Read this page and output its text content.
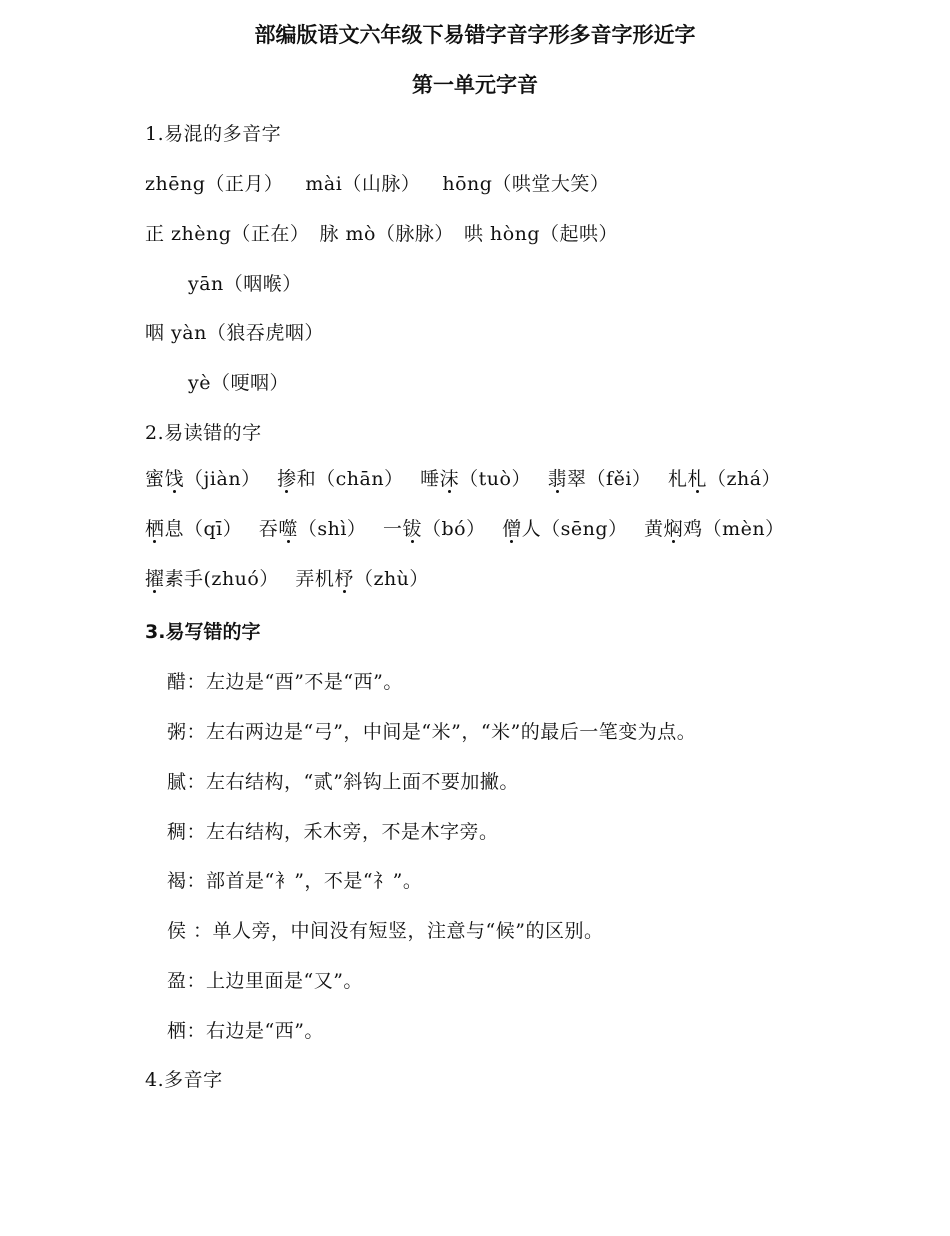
部编版语文六年级下易错字音字形多音字形近字
第一单元字音
1.易混的多音字
zhēng（正月） mài（山脉） hōng（哄堂大笑）
正 zhèng（正在） 脉 mò（脉脉） 哄 hòng（起哄）
yān（咽喉）
咽 yàn（狼吞虎咽）
yè（哽咽）
2.易读错的字
蜜饯（jiàn） 掺和（chān） 唾沫（tuò） 翡翠（fěi） 札札（zhá）
栖息（qī） 吞噬（shì） 一钹（bó） 僧人（sēng） 黄焖鸡（mèn）
擢素手(zhuó） 弄机杼（zhù）
3.易写错的字
醋：左边是“酉”不是“西”。
粥：左右两边是“弓”，中间是“米”，“米”的最后一笔变为点。
腻：左右结构，“贰”斜钩上面不要加撇。
稠：左右结构，禾木旁，不是木字旁。
褐：部首是“衤”，不是“礻”。
侯 ：单人旁，中间没有短竖，注意与“候”的区别。
盈：上边里面是“又”。
栖：右边是“西”。
4.多音字
